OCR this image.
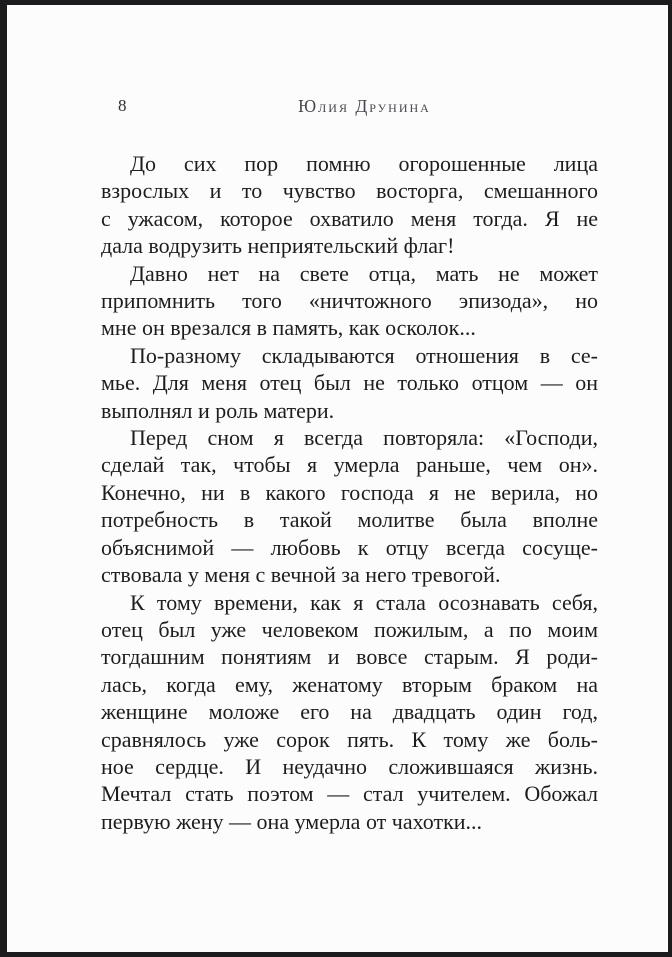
8	Юлия Друнина
До сих пор помню огорошенные лица
взрослых и то чувство восторга, смешанного
с ужасом, которое охватило меня тогда. Я не
дала водрузить неприятельский флаг!
Давно нет на свете отца, мать не может
припомнить того «ничтожного эпизода», но
мне он врезался в память, как осколок...
По-разному складываются отношения в се-
мье. Для меня отец был не только отцом — он
выполнял и роль матери.
Перед сном я всегда повторяла: «Господи,
сделай так, чтобы я умерла раньше, чем он».
Конечно, ни в какого господа я не верила, но
потребность в такой молитве была вполне
объяснимой — любовь к отцу всегда сосуще-
ствовала у меня с вечной за него тревогой.
К тому времени, как я стала осознавать себя,
отец был уже человеком пожилым, а по моим
тогдашним понятиям и вовсе старым. Я роди-
лась, когда ему, женатому вторым браком на
женщине моложе его на двадцать один год,
сравнялось уже сорок пять. К тому же боль-
ное сердце. И неудачно сложившаяся жизнь.
Мечтал стать поэтом — стал учителем. Обожал
первую жену — она умерла от чахотки...
